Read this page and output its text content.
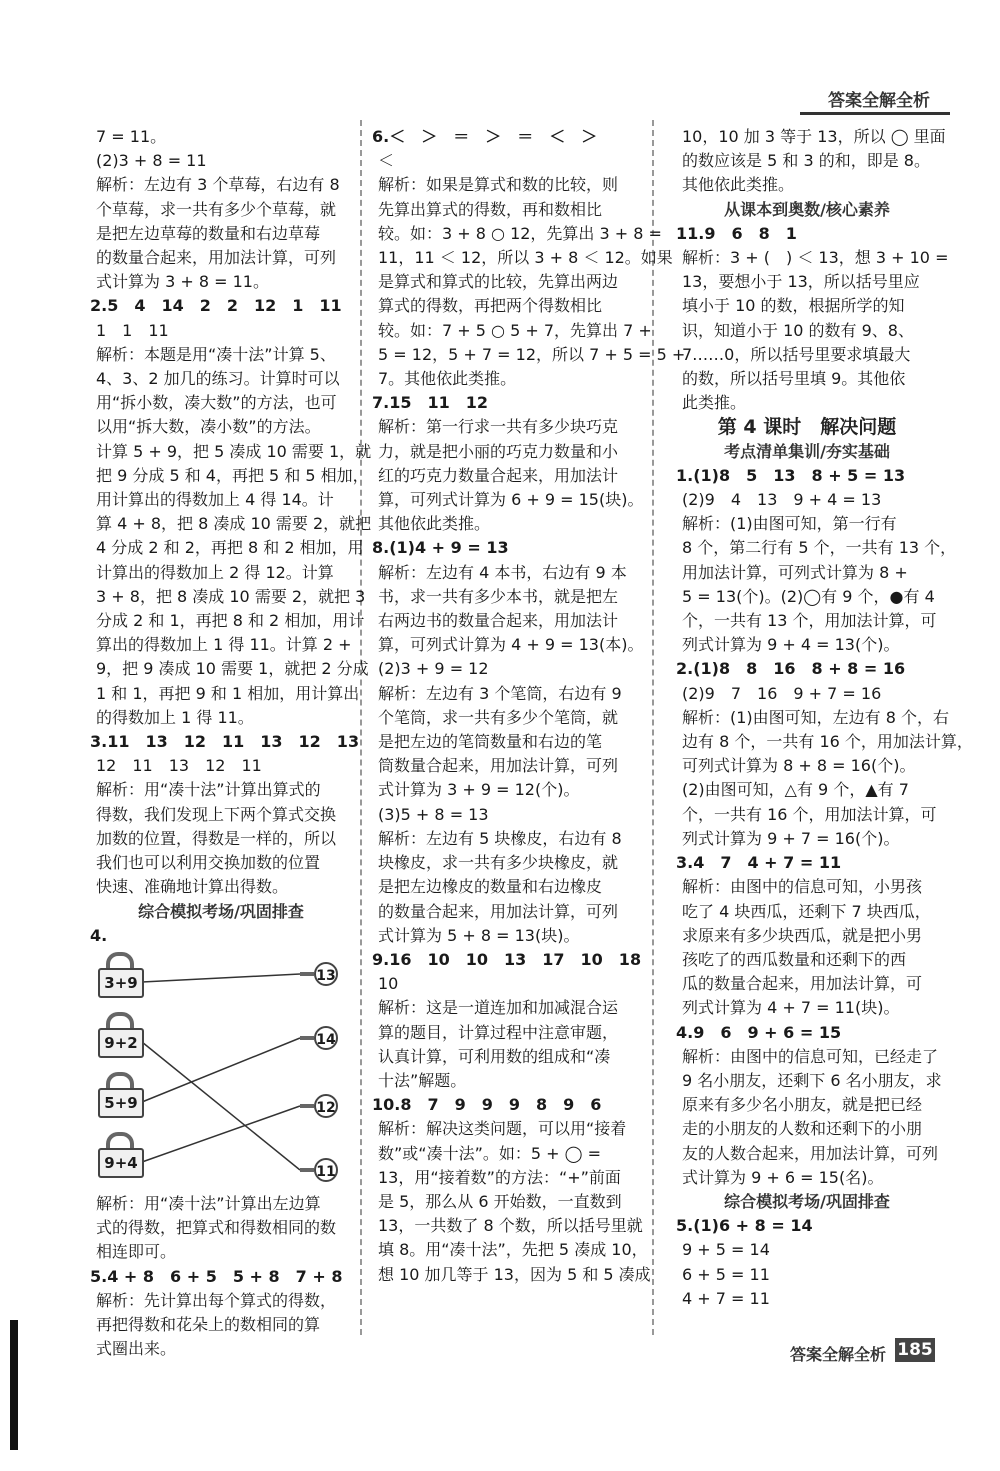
答案全解全析
7 = 11。
(2)3 + 8 = 11
解析：左边有 3 个草莓，右边有 8
个草莓，求一共有多少个草莓，就
是把左边草莓的数量和右边草莓
的数量合起来，用加法计算，可列
式计算为 3 + 8 = 11。
2.5　4　14　2　2　12　1　11
1　1　11
解析：本题是用“凑十法”计算 5、
4、3、2 加几的练习。计算时可以
用“拆小数，凑大数”的方法，也可
以用“拆大数，凑小数”的方法。
计算 5 + 9，把 5 凑成 10 需要 1，就
把 9 分成 5 和 4，再把 5 和 5 相加，
用计算出的得数加上 4 得 14。计
算 4 + 8，把 8 凑成 10 需要 2，就把
4 分成 2 和 2，再把 8 和 2 相加，用
计算出的得数加上 2 得 12。计算
3 + 8，把 8 凑成 10 需要 2，就把 3
分成 2 和 1，再把 8 和 2 相加，用计
算出的得数加上 1 得 11。计算 2 +
9，把 9 凑成 10 需要 1，就把 2 分成
1 和 1，再把 9 和 1 相加，用计算出
的得数加上 1 得 11。
3.11　13　12　11　13　12　13
12　11　13　12　11
解析：用“凑十法”计算出算式的
得数，我们发现上下两个算式交换
加数的位置，得数是一样的，所以
我们也可以利用交换加数的位置
快速、准确地计算出得数。
综合模拟考场/巩固排查
4.
3+9
9+2
5+9
9+4
13
14
12
11
解析：用“凑十法”计算出左边算
式的得数，把算式和得数相同的数
相连即可。
5.4 + 8　6 + 5　5 + 8　7 + 8
解析：先计算出每个算式的得数，
再把得数和花朵上的数相同的算
式圈出来。
6.＜　＞　＝　＞　＝　＜　＞
＜
解析：如果是算式和数的比较，则
先算出算式的得数，再和数相比
较。如：3 + 8 ○ 12，先算出 3 + 8 =
11，11 ＜ 12，所以 3 + 8 ＜ 12。如果
是算式和算式的比较，先算出两边
算式的得数，再把两个得数相比
较。如：7 + 5 ○ 5 + 7，先算出 7 +
5 = 12，5 + 7 = 12，所以 7 + 5 = 5 +
7。其他依此类推。
7.15　11　12
解析：第一行求一共有多少块巧克
力，就是把小丽的巧克力数量和小
红的巧克力数量合起来，用加法计
算，可列式计算为 6 + 9 = 15(块)。
其他依此类推。
8.(1)4 + 9 = 13
解析：左边有 4 本书，右边有 9 本
书，求一共有多少本书，就是把左
右两边书的数量合起来，用加法计
算，可列式计算为 4 + 9 = 13(本)。
(2)3 + 9 = 12
解析：左边有 3 个笔筒，右边有 9
个笔筒，求一共有多少个笔筒，就
是把左边的笔筒数量和右边的笔
筒数量合起来，用加法计算，可列
式计算为 3 + 9 = 12(个)。
(3)5 + 8 = 13
解析：左边有 5 块橡皮，右边有 8
块橡皮，求一共有多少块橡皮，就
是把左边橡皮的数量和右边橡皮
的数量合起来，用加法计算，可列
式计算为 5 + 8 = 13(块)。
9.16　10　10　13　17　10　18
10
解析：这是一道连加和加减混合运
算的题目，计算过程中注意审题，
认真计算，可利用数的组成和“凑
十法”解题。
10.8　7　9　9　9　8　9　6
解析：解决这类问题，可以用“接着
数”或“凑十法”。如：5 + ◯ =
13，用“接着数”的方法：“+”前面
是 5，那么从 6 开始数，一直数到
13，一共数了 8 个数，所以括号里就
填 8。用“凑十法”，先把 5 凑成 10，
想 10 加几等于 13，因为 5 和 5 凑成
10，10 加 3 等于 13，所以 ◯ 里面
的数应该是 5 和 3 的和，即是 8。
其他依此类推。
从课本到奥数/核心素养
11.9　6　8　1
解析：3 + (　) ＜ 13，想 3 + 10 =
13，要想小于 13，所以括号里应
填小于 10 的数，根据所学的知
识，知道小于 10 的数有 9、8、
7……0，所以括号里要求填最大
的数，所以括号里填 9。其他依
此类推。
第 4 课时　解决问题
考点清单集训/夯实基础
1.(1)8　5　13　8 + 5 = 13
(2)9　4　13　9 + 4 = 13
解析：(1)由图可知，第一行有
8 个，第二行有 5 个，一共有 13 个，
用加法计算，可列式计算为 8 +
5 = 13(个)。(2)◯有 9 个，●有 4
个，一共有 13 个，用加法计算，可
列式计算为 9 + 4 = 13(个)。
2.(1)8　8　16　8 + 8 = 16
(2)9　7　16　9 + 7 = 16
解析：(1)由图可知，左边有 8 个，右
边有 8 个，一共有 16 个，用加法计算，
可列式计算为 8 + 8 = 16(个)。
(2)由图可知，△有 9 个，▲有 7
个，一共有 16 个，用加法计算，可
列式计算为 9 + 7 = 16(个)。
3.4　7　4 + 7 = 11
解析：由图中的信息可知，小男孩
吃了 4 块西瓜，还剩下 7 块西瓜，
求原来有多少块西瓜，就是把小男
孩吃了的西瓜数量和还剩下的西
瓜的数量合起来，用加法计算，可
列式计算为 4 + 7 = 11(块)。
4.9　6　9 + 6 = 15
解析：由图中的信息可知，已经走了
9 名小朋友，还剩下 6 名小朋友，求
原来有多少名小朋友，就是把已经
走的小朋友的人数和还剩下的小朋
友的人数合起来，用加法计算，可列
式计算为 9 + 6 = 15(名)。
综合模拟考场/巩固排查
5.(1)6 + 8 = 14
9 + 5 = 14
6 + 5 = 11
4 + 7 = 11
答案全解全析 185
